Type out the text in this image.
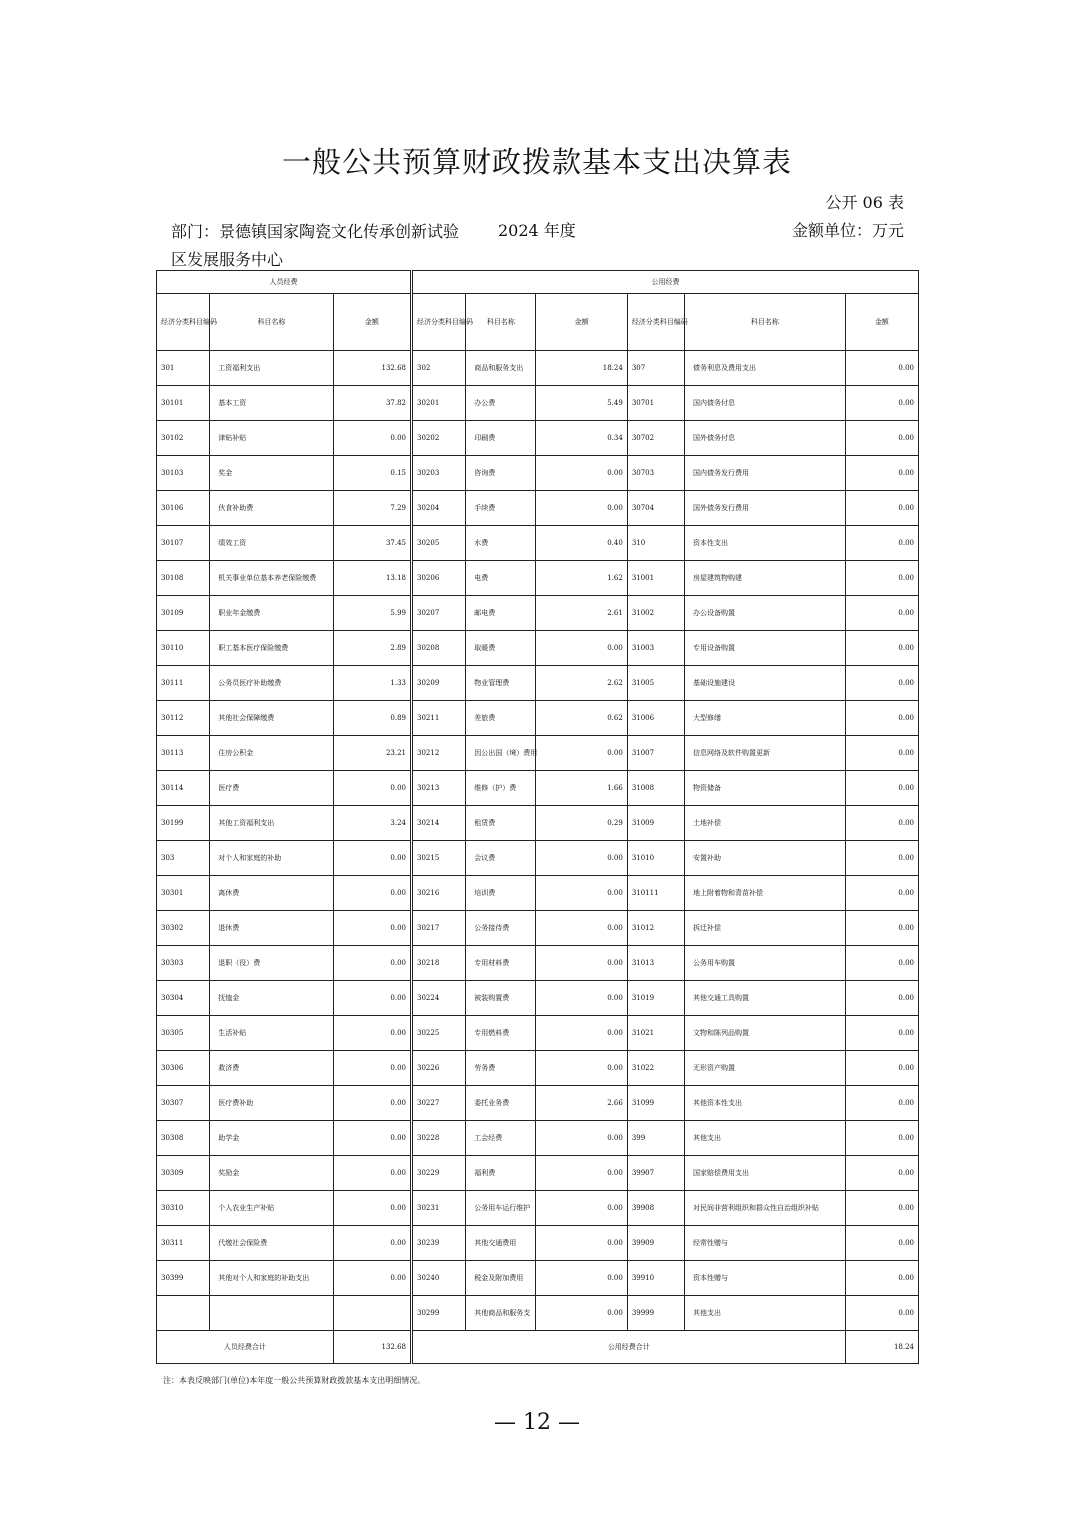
一般公共预算财政拨款基本支出决算表
公开 06 表
部门：景德镇国家陶瓷文化传承创新试验区发展服务中心
2024 年度	金额单位：万元
人员经费			公用经费					
经济分类科目编码	科目名称	金额	经济分类科目编码	科目名称	金额	经济分类科目编码	科目名称	金额
301	工资福利支出	132.68	302	商品和服务支出	18.24	307	债务利息及费用支出	0.00
30101	基本工资	37.82	30201	办公费	5.49	30701	国内债务付息	0.00
30102	津贴补贴	0.00	30202	印刷费	0.34	30702	国外债务付息	0.00
30103	奖金	0.15	30203	咨询费	0.00	30703	国内债务发行费用	0.00
30106	伙食补助费	7.29	30204	手续费	0.00	30704	国外债务发行费用	0.00
30107	绩效工资	37.45	30205	水费	0.40	310	资本性支出	0.00
30108	机关事业单位基本养老保险缴费	13.18	30206	电费	1.62	31001	房屋建筑物购建	0.00
30109	职业年金缴费	5.99	30207	邮电费	2.61	31002	办公设备购置	0.00
30110	职工基本医疗保险缴费	2.89	30208	取暖费	0.00	31003	专用设备购置	0.00
30111	公务员医疗补助缴费	1.33	30209	物业管理费	2.62	31005	基础设施建设	0.00
30112	其他社会保障缴费	0.89	30211	差旅费	0.62	31006	大型修缮	0.00
30113	住房公积金	23.21	30212	因公出国（境）费用	0.00	31007	信息网络及软件购置更新	0.00
30114	医疗费	0.00	30213	维修（护）费	1.66	31008	物资储备	0.00
30199	其他工资福利支出	3.24	30214	租赁费	0.29	31009	土地补偿	0.00
303	对个人和家庭的补助	0.00	30215	会议费	0.00	31010	安置补助	0.00
30301	离休费	0.00	30216	培训费	0.00	310111	地上附着物和青苗补偿	0.00
30302	退休费	0.00	30217	公务接待费	0.00	31012	拆迁补偿	0.00
30303	退职（役）费	0.00	30218	专用材料费	0.00	31013	公务用车购置	0.00
30304	抚恤金	0.00	30224	被装购置费	0.00	31019	其他交通工具购置	0.00
30305	生活补贴	0.00	30225	专用燃料费	0.00	31021	文物和陈列品购置	0.00
30306	救济费	0.00	30226	劳务费	0.00	31022	无形资产购置	0.00
30307	医疗费补助	0.00	30227	委托业务费	2.66	31099	其他资本性支出	0.00
30308	助学金	0.00	30228	工会经费	0.00	399	其他支出	0.00
30309	奖励金	0.00	30229	福利费	0.00	39907	国家赔偿费用支出	0.00
30310	个人农业生产补贴	0.00	30231	公务用车运行维护	0.00	39908	对民间非营利组织和群众性自治组织补贴	0.00
30311	代缴社会保险费	0.00	30239	其他交通费用	0.00	39909	经常性赠与	0.00
30399	其他对个人和家庭的补助支出	0.00	30240	税金及附加费用	0.00	39910	资本性赠与	0.00
			30299	其他商品和服务支	0.00	39999	其他支出	0.00
人员经费合计		132.68	公用经费合计					18.24
注：本表反映部门(单位)本年度一般公共预算财政拨款基本支出明细情况。
— 12 —
